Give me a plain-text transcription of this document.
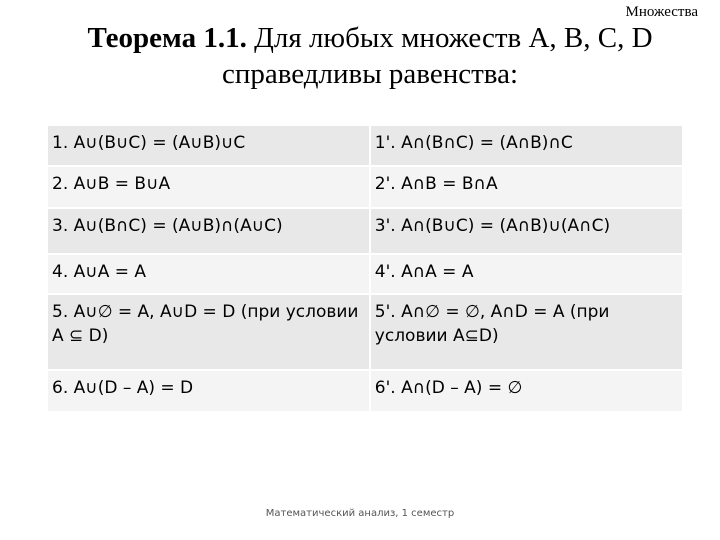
Множества
Теорема 1.1. Для любых множеств A, B, C, D
справедливы равенства:
1. A∪(B∪C) = (A∪B)∪C	1'. A∩(B∩C) = (A∩B)∩C
2. A∪B = B∪A	2'. A∩B = B∩A
3. A∪(B∩C) = (A∪B)∩(A∪C)	3'. A∩(B∪C) = (A∩B)∪(A∩C)
4. A∪A = A	4'. A∩A = A
5. A∪∅ = A, A∪D = D (при условии A ⊆ D)	5'. A∩∅ = ∅, A∩D = A (при условии A⊆D)
6. A∪(D – A) = D	6'. A∩(D – A) = ∅
Математический анализ, 1 семестр
